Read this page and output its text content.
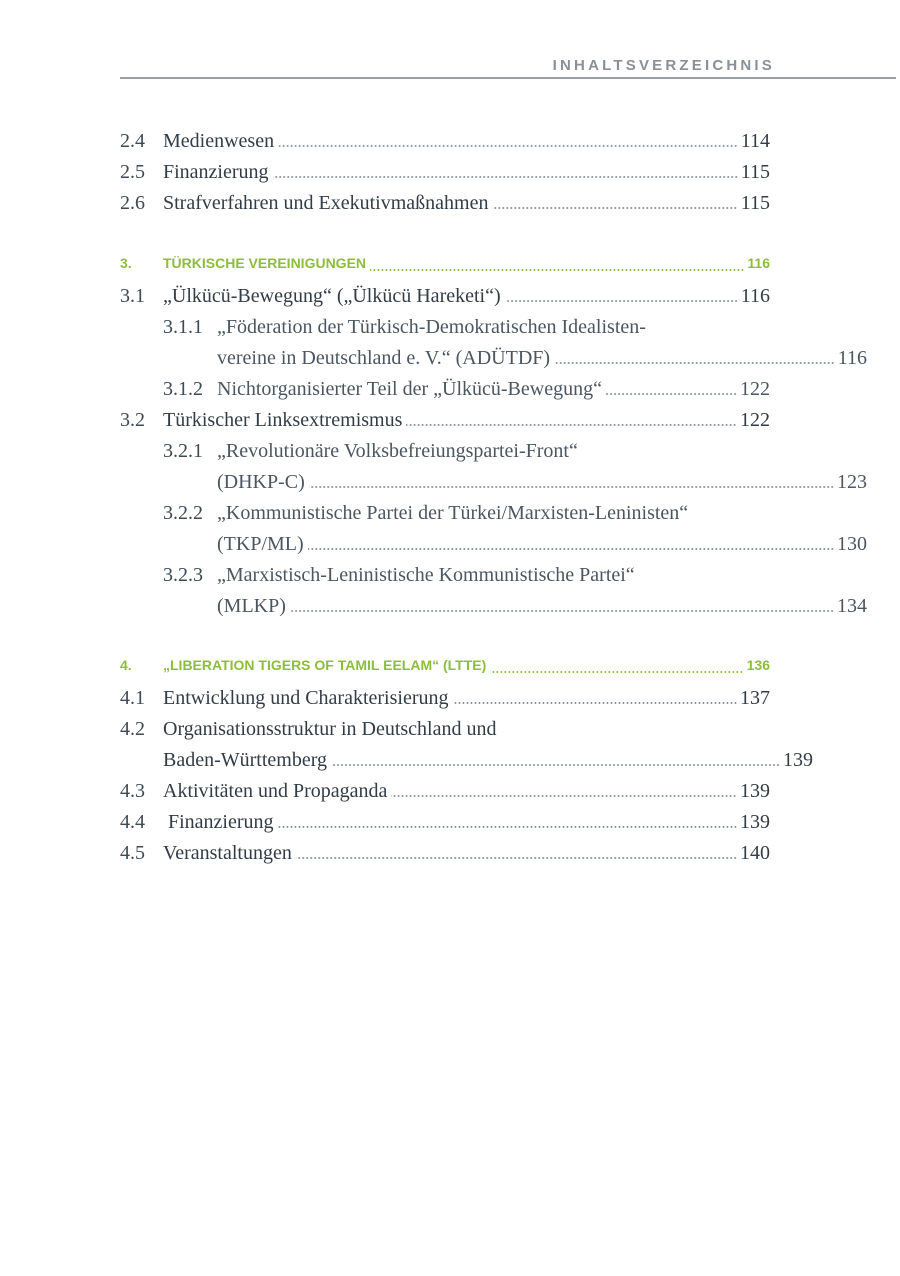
INHALTSVERZEICHNIS
2.4 Medienwesen	114
2.5 Finanzierung	115
2.6 Strafverfahren und Exekutivmaßnahmen	115
3.	TÜRKISCHE VEREINIGUNGEN	116
3.1 „Ülkücü-Bewegung“ („Ülkücü Hareketi“)	116
3.1.1 „Föderation der Türkisch-Demokratischen Idealisten-
vereine in Deutschland e. V.“ (ADÜTDF)	116
3.1.2 Nichtorganisierter Teil der „Ülkücü-Bewegung“	122
3.2 Türkischer Linksextremismus	122
3.2.1 „Revolutionäre Volksbefreiungspartei-Front“
(DHKP-C)	123
3.2.2 „Kommunistische Partei der Türkei/Marxisten-Leninisten“
(TKP/ML)	130
3.2.3 „Marxistisch-Leninistische Kommunistische Partei“
(MLKP)	134
4.	„LIBERATION TIGERS OF TAMIL EELAM“ (LTTE)	136
4.1 Entwicklung und Charakterisierung	137
4.2 Organisationsstruktur in Deutschland und
Baden-Württemberg	139
4.3 Aktivitäten und Propaganda	139
4.4 Finanzierung	139
4.5 Veranstaltungen	140
